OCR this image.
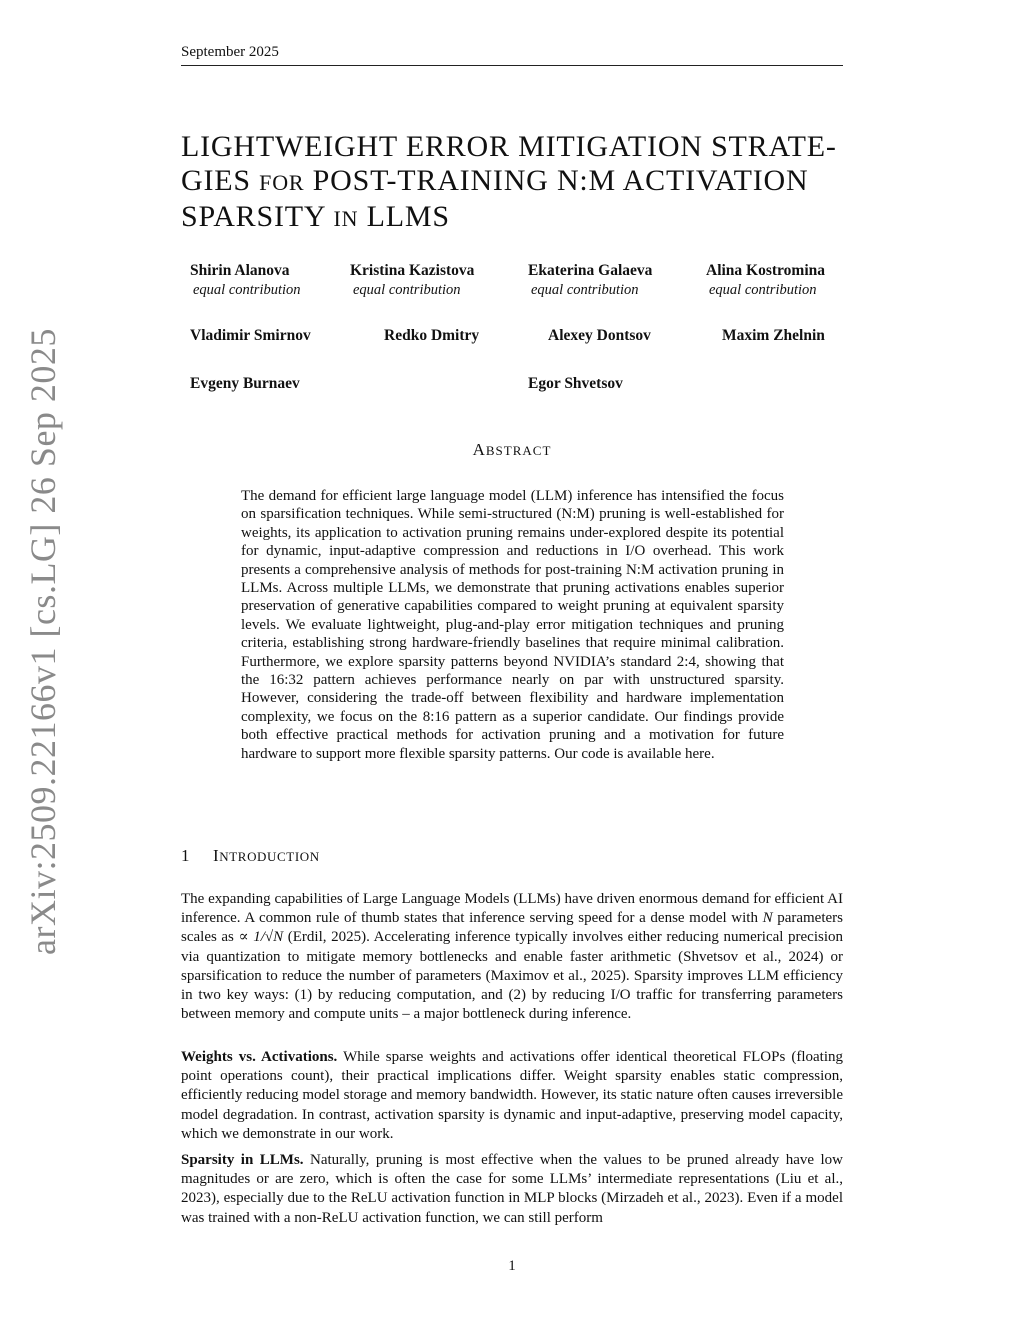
September 2025
arXiv:2509.22166v1 [cs.LG] 26 Sep 2025
LIGHTWEIGHT ERROR MITIGATION STRATE-
GIES FOR POST-TRAINING N:M ACTIVATION
SPARSITY IN LLMS
Shirin Alanova
equal contribution
Kristina Kazistova
equal contribution
Ekaterina Galaeva
equal contribution
Alina Kostromina
equal contribution
Vladimir Smirnov	Redko Dmitry	Alexey Dontsov	Maxim Zhelnin
Evgeny Burnaev	Egor Shvetsov
ABSTRACT

The demand for efficient large language model (LLM) inference has intensified the focus on sparsification techniques. While semi-structured (N:M) pruning is well-established for weights, its application to activation pruning remains under-explored despite its potential for dynamic, input-adaptive compression and reductions in I/O overhead. This work presents a comprehensive analysis of methods for post-training N:M activation pruning in LLMs. Across multiple LLMs, we demonstrate that pruning activations enables superior preservation of generative capabilities compared to weight pruning at equivalent sparsity levels. We evaluate lightweight, plug-and-play error mitigation techniques and pruning criteria, establishing strong hardware-friendly baselines that require minimal calibration. Furthermore, we explore sparsity patterns beyond NVIDIA’s standard 2:4, showing that the 16:32 pattern achieves performance nearly on par with unstructured sparsity. However, considering the trade-off between flexibility and hardware implementation complexity, we focus on the 8:16 pattern as a superior candidate. Our findings provide both effective practical methods for activation pruning and a motivation for future hardware to support more flexible sparsity patterns. Our code is available here.

1 INTRODUCTION

The expanding capabilities of Large Language Models (LLMs) have driven enormous demand for efficient AI inference. A common rule of thumb states that inference serving speed for a dense model with N parameters scales as ∝ 1/√N (Erdil, 2025). Accelerating inference typically involves either reducing numerical precision via quantization to mitigate memory bottlenecks and enable faster arithmetic (Shvetsov et al., 2024) or sparsification to reduce the number of parameters (Maximov et al., 2025). Sparsity improves LLM efficiency in two key ways: (1) by reducing computation, and (2) by reducing I/O traffic for transferring parameters between memory and compute units – a major bottleneck during inference.

Weights vs. Activations. While sparse weights and activations offer identical theoretical FLOPs (floating point operations count), their practical implications differ. Weight sparsity enables static compression, efficiently reducing model storage and memory bandwidth. However, its static nature often causes irreversible model degradation. In contrast, activation sparsity is dynamic and input-adaptive, preserving model capacity, which we demonstrate in our work.

Sparsity in LLMs. Naturally, pruning is most effective when the values to be pruned already have low magnitudes or are zero, which is often the case for some LLMs’ intermediate representations (Liu et al., 2023), especially due to the ReLU activation function in MLP blocks (Mirzadeh et al., 2023). Even if a model was trained with a non-ReLU activation function, we can still perform

1
